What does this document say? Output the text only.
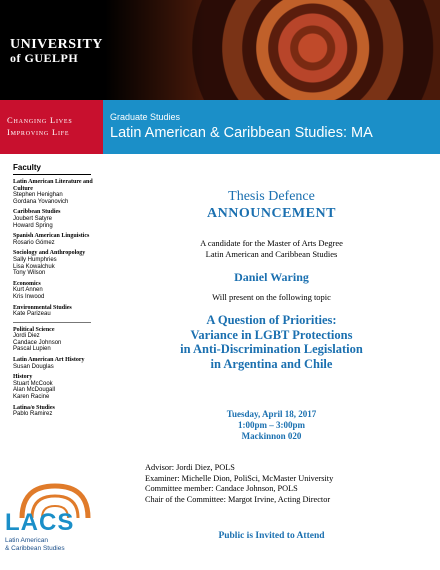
UNIVERSITY
of GUELPH
Changing Lives
Improving Life
Graduate Studies
Latin American & Caribbean Studies: MA
Faculty
Latin American Literature and Culture
Stephen Henighan
Gordana Yovanovich
Caribbean Studies
Joubert Satyre
Howard Spring
Spanish American Linguistics
Rosario Gómez
Sociology and Anthropology
Sally Humphries
Lisa Kowalchuk
Tony Wilson
Economics
Kurt Annen
Kris Inwood
Environmental Studies
Kate Parizeau
Political Science
Jordi Diez
Candace Johnson
Pascal Lupien
Latin American Art History
Susan Douglas
History
Stuart McCook
Alan McDougall
Karen Racine
Latina/o Studies
Pablo Ramirez
LACS
Latin American
& Caribbean Studies
Thesis Defence
ANNOUNCEMENT
A candidate for the Master of Arts Degree
Latin American and Caribbean Studies
Daniel Waring
Will present on the following topic
A Question of Priorities:
Variance in LGBT Protections
in Anti-Discrimination Legislation
in Argentina and Chile
Tuesday, April 18, 2017
1:00pm – 3:00pm
Mackinnon 020
Advisor: Jordi Diez, POLS
Examiner: Michelle Dion, PoliSci, McMaster University
Committee member: Candace Johnson, POLS
Chair of the Committee: Margot Irvine, Acting Director
Public is Invited to Attend
